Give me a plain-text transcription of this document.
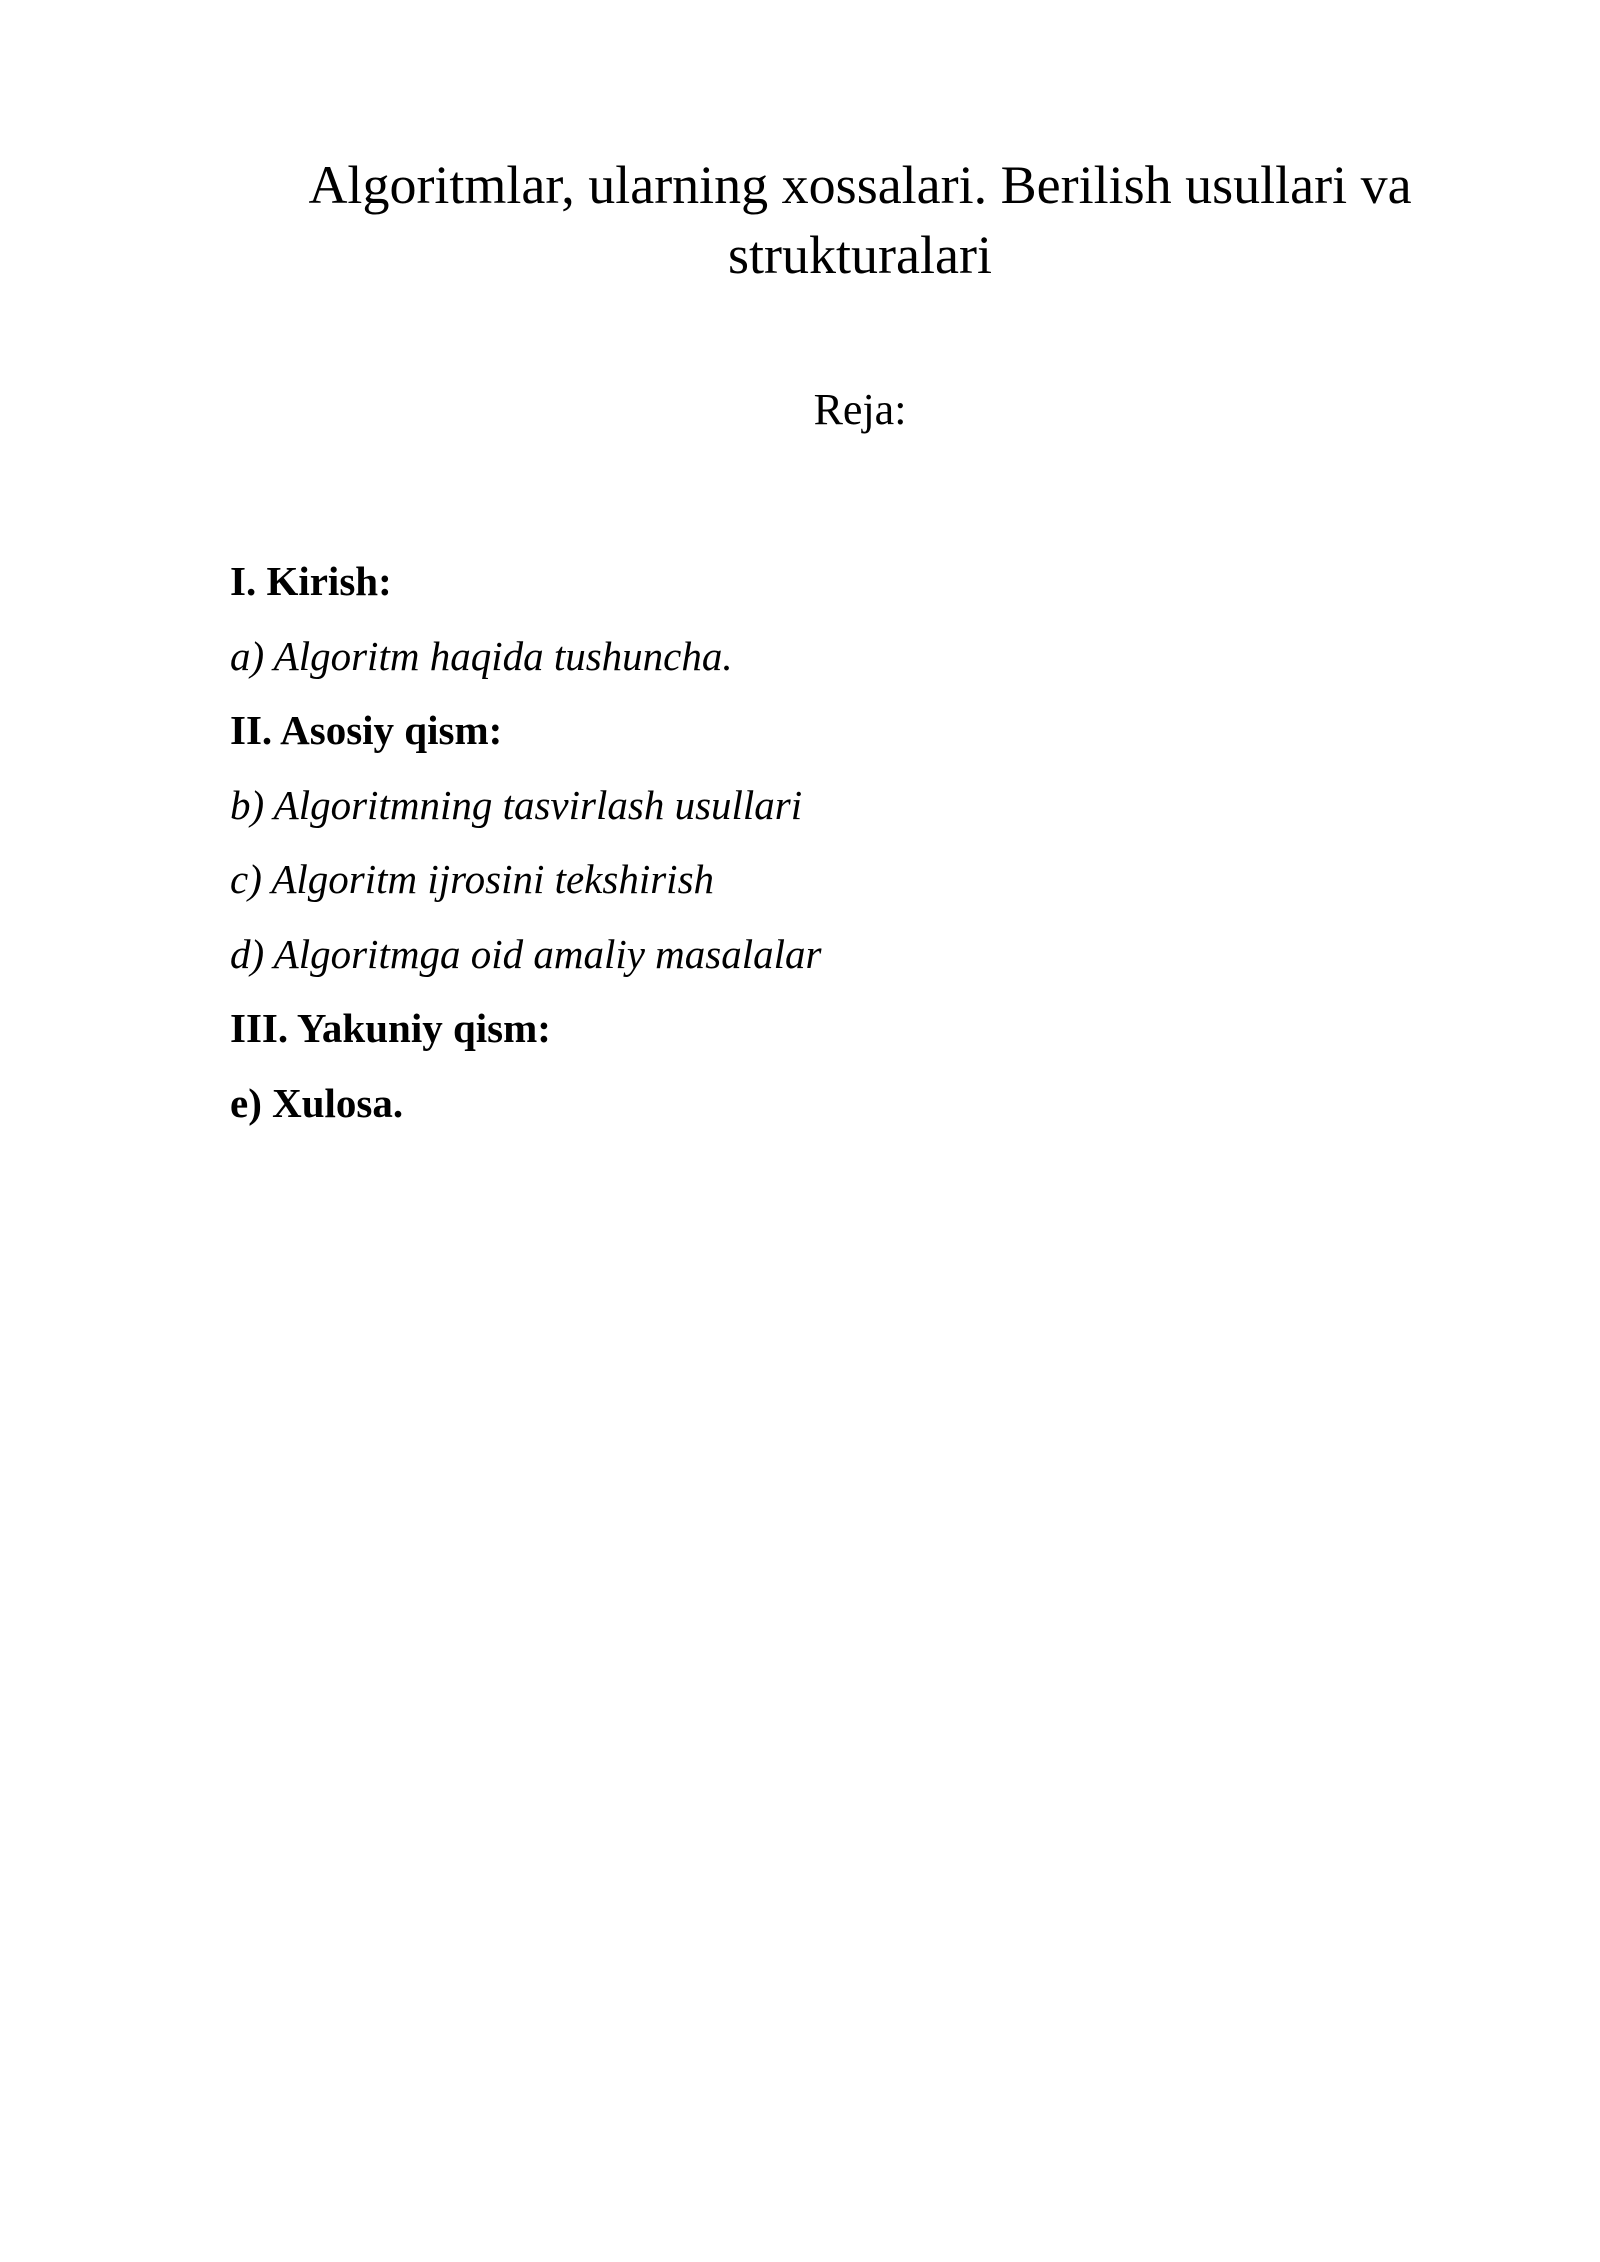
Algoritmlar, ularning xossalari. Berilish usullari va strukturalari

Reja:

I. Kirish:
a) Algoritm haqida tushuncha.
II. Asosiy qism:
b) Algoritmning tasvirlash usullari
c) Algoritm ijrosini tekshirish
d) Algoritmga oid amaliy masalalar
III. Yakuniy qism:
e) Xulosa.
